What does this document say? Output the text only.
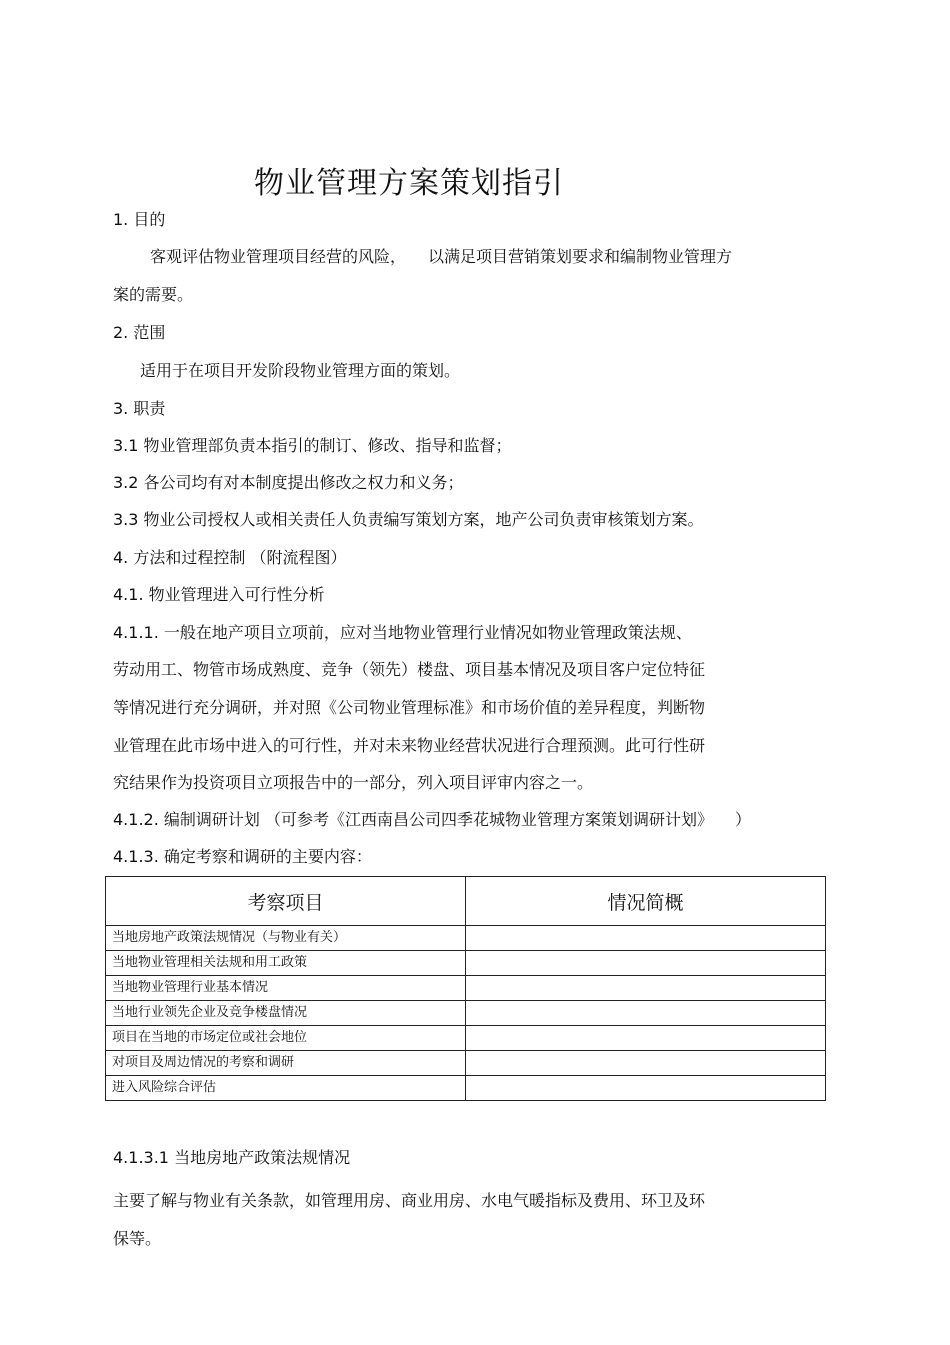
物业管理方案策划指引
1. 目的
客观评估物业管理项目经营的风险， 以满足项目营销策划要求和编制物业管理方
案的需要。
2. 范围
适用于在项目开发阶段物业管理方面的策划。
3. 职责
3.1 物业管理部负责本指引的制订、修改、指导和监督；
3.2 各公司均有对本制度提出修改之权力和义务；
3.3 物业公司授权人或相关责任人负责编写策划方案，地产公司负责审核策划方案。
4. 方法和过程控制 （附流程图）
4.1. 物业管理进入可行性分析
4.1.1. 一般在地产项目立项前，应对当地物业管理行业情况如物业管理政策法规、
劳动用工、物管市场成熟度、竞争（领先）楼盘、项目基本情况及项目客户定位特征
等情况进行充分调研，并对照《公司物业管理标准》和市场价值的差异程度，判断物
业管理在此市场中进入的可行性，并对未来物业经营状况进行合理预测。此可行性研
究结果作为投资项目立项报告中的一部分，列入项目评审内容之一。
4.1.2. 编制调研计划 （可参考《江西南昌公司四季花城物业管理方案策划调研计划》 ）
4.1.3. 确定考察和调研的主要内容：
考察项目	情况简概
当地房地产政策法规情况（与物业有关）	
当地物业管理相关法规和用工政策	
当地物业管理行业基本情况	
当地行业领先企业及竞争楼盘情况	
项目在当地的市场定位或社会地位	
对项目及周边情况的考察和调研	
进入风险综合评估	
4.1.3.1 当地房地产政策法规情况
主要了解与物业有关条款，如管理用房、商业用房、水电气暖指标及费用、环卫及环
保等。
